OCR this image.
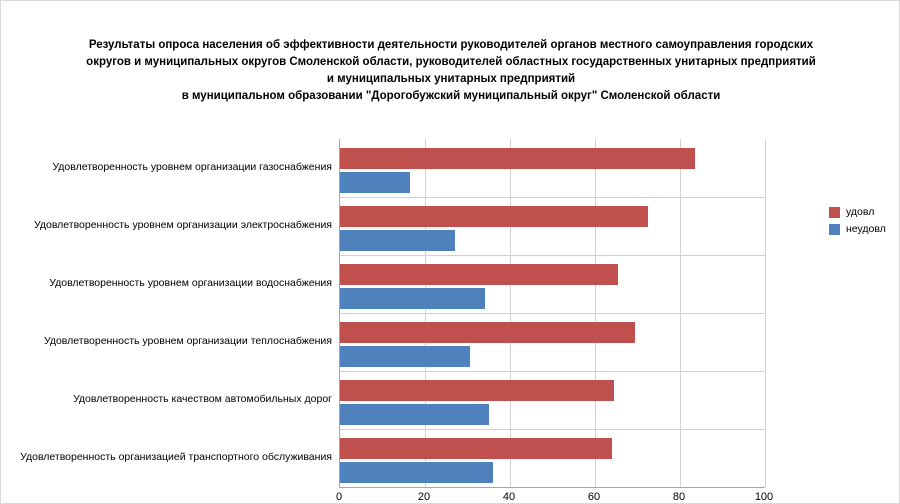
Результаты опроса населения об эффективности деятельности руководителей органов местного самоуправления городских
округов и муниципальных округов Смоленской области, руководителей областных государственных унитарных предприятий
и муниципальных унитарных предприятий
в муниципальном образовании "Дорогобужский муниципальный округ" Смоленской области
0	20	40	60	80	100
Удовлетворенность уровнем организации газоснабжения
Удовлетворенность уровнем организации электроснабжения
Удовлетворенность уровнем организации водоснабжения
Удовлетворенность уровнем организации теплоснабжения
Удовлетворенность качеством автомобильных дорог
Удовлетворенность организацией транспортного обслуживания
удовл
неудовл
